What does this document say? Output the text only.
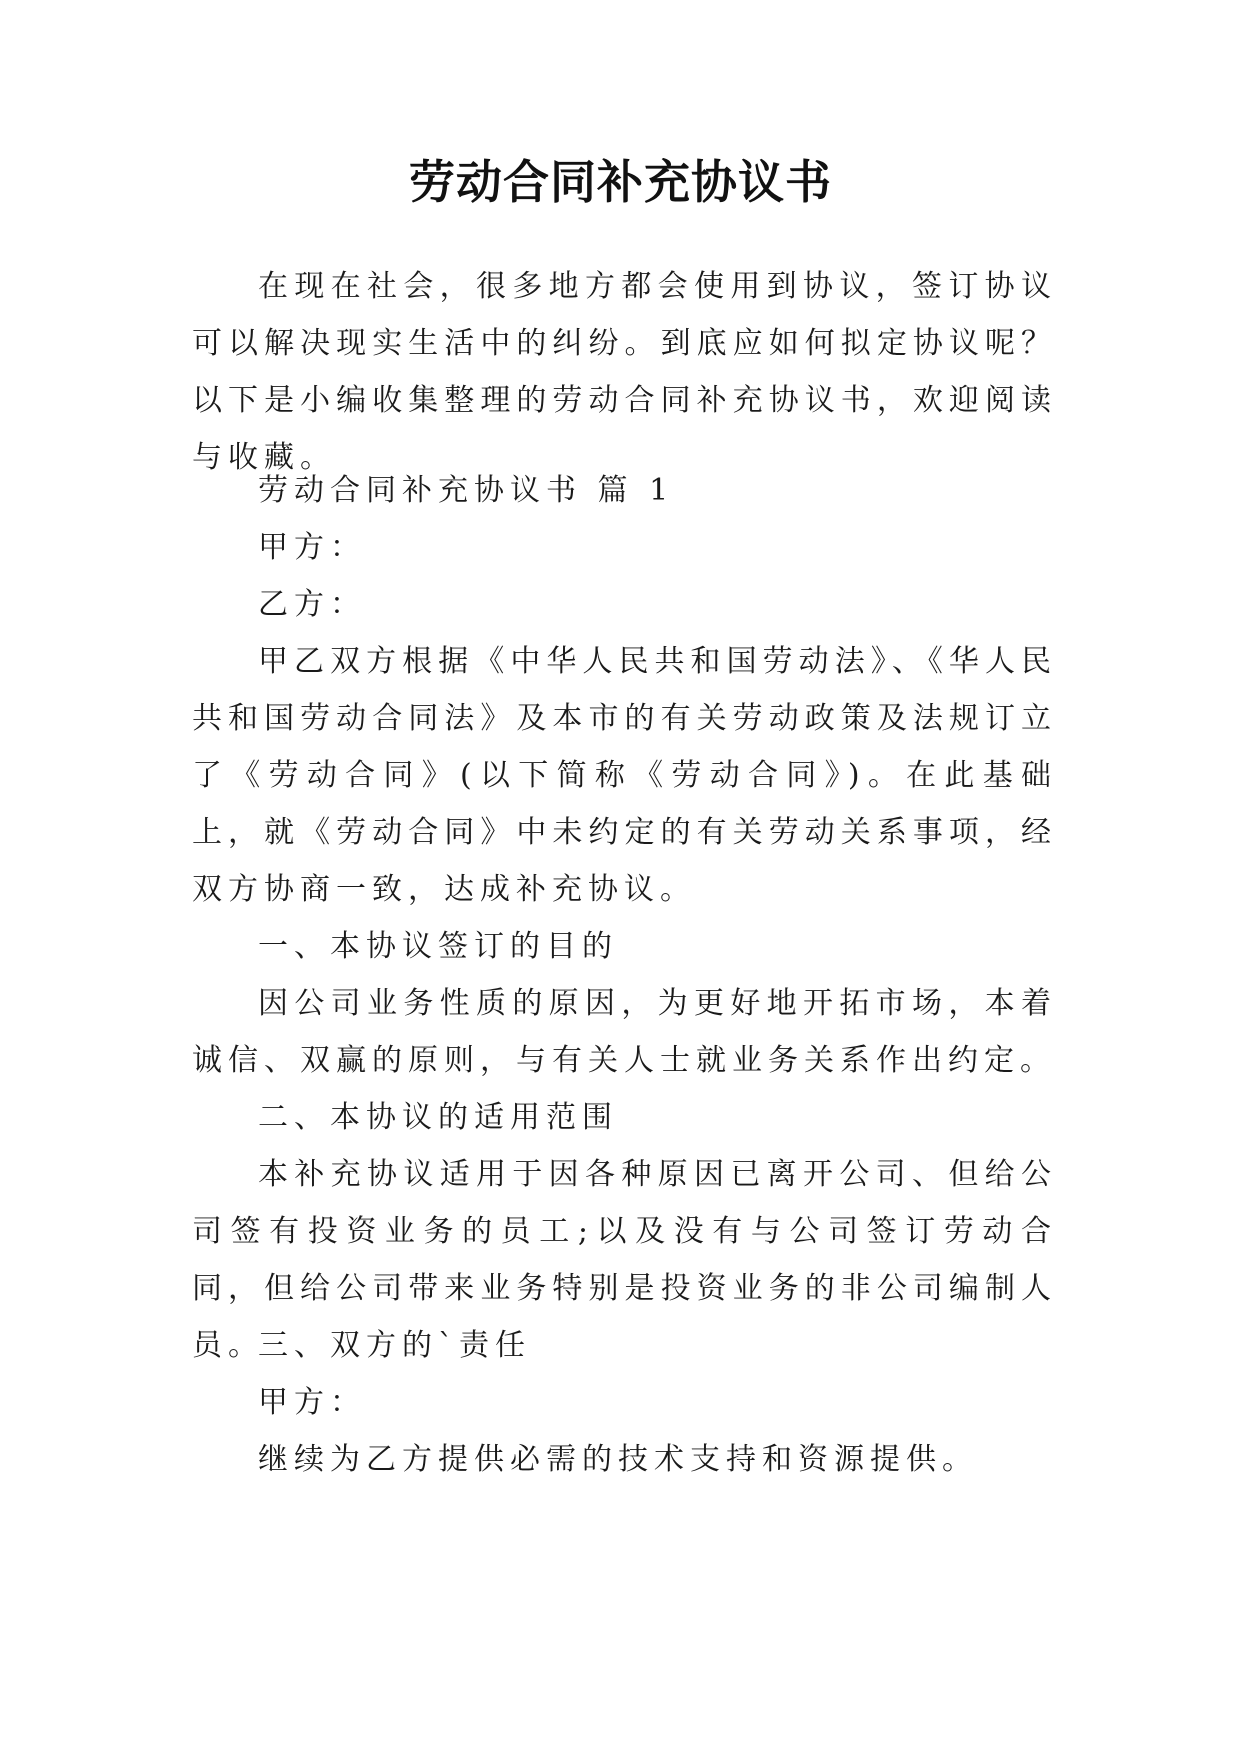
劳动合同补充协议书

在现在社会，很多地方都会使用到协议，签订协议可以解决现实生活中的纠纷。到底应如何拟定协议呢？以下是小编收集整理的劳动合同补充协议书，欢迎阅读与收藏。

劳动合同补充协议书 篇 1

甲方：

乙方：

甲乙双方根据《中华人民共和国劳动法》、《华人民共和国劳动合同法》及本市的有关劳动政策及法规订立了《劳动合同》(以下简称《劳动合同》)。在此基础上，就《劳动合同》中未约定的有关劳动关系事项，经双方协商一致，达成补充协议。

一、本协议签订的目的

因公司业务性质的原因，为更好地开拓市场，本着诚信、双赢的原则，与有关人士就业务关系作出约定。

二、本协议的适用范围

本补充协议适用于因各种原因已离开公司、但给公司签有投资业务的员工;以及没有与公司签订劳动合同，但给公司带来业务特别是投资业务的非公司编制人员。

三、双方的`责任

甲方：

继续为乙方提供必需的技术支持和资源提供。
